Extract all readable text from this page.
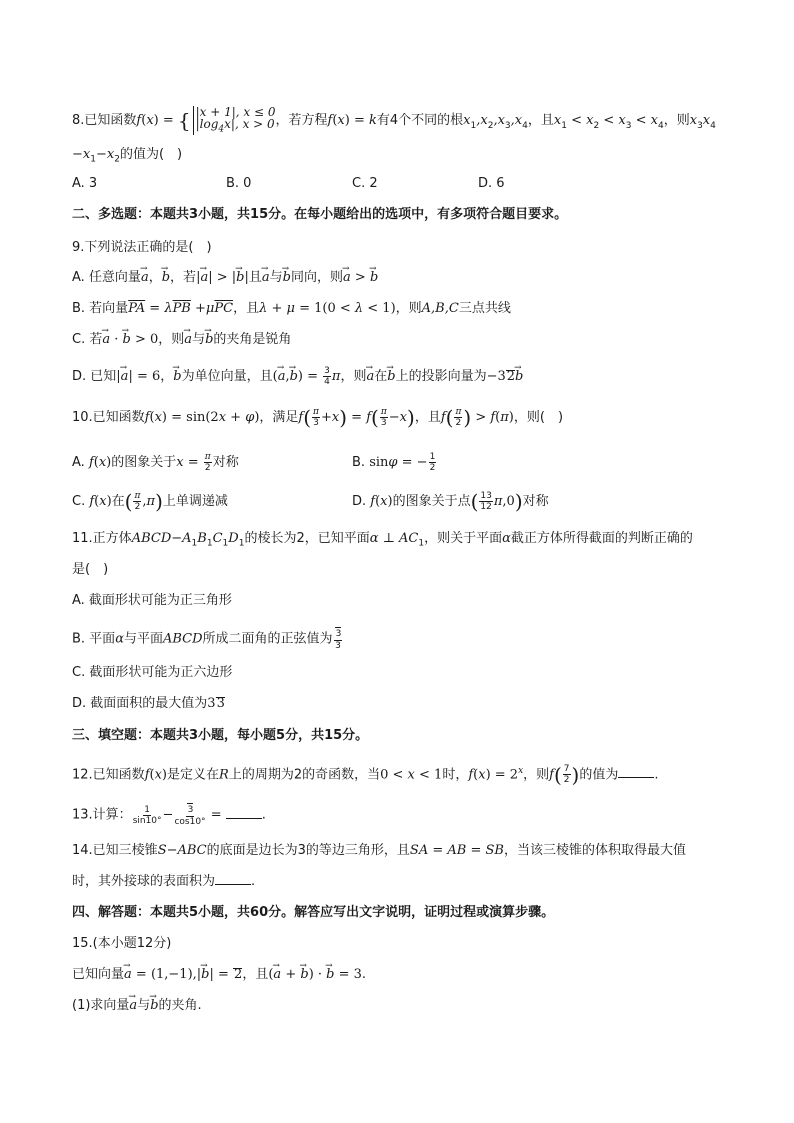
8.已知函数f(x) = { |x + 1|, x ≤ 0
$|\log_4x|$, x > 0 ，若方程f(x) = k有4个不同的根$x_1,x_2,x_3,x_4$，且$x_1 < x_2 < x_3 < x_4$，则$x_3x_4$
$-x_1-x_2$的值为(　)
A. 3	B. 0	C. 2	D. 6
二、多选题：本题共3小题，共15分。在每小题给出的选项中，有多项符合题目要求。
9.下列说法正确的是(　)
A. 任意向量→ a，→ b，若|→ a| > |→ b|且→ a与→ b同向，则→ a > → b
B. 若向量$\overline{PA} = \lambda\overline{PB} +\mu\overline{PC}$，且λ + μ = 1(0 < λ < 1)，则A,B,C三点共线
C. 若→ a · → b > 0，则→ a与→ b的夹角是锐角
D. 已知|→ a| = 6，→ b为单位向量，且(→ $a,\to b) = \frac{3}{4}$ π，则→ a在→ b上的投影向量为−32→ b
10.已知函数f(x) = sin(2x + φ)，满足$f( \frac{\pi}{3} +x) = f( \frac{\pi}{3} -x)$，且$f( \frac{\pi}{2}$ ) > f(π)，则(　)
A. f(x)的图象关于$x = \frac{\pi}{2}$ 对称	B. sinφ = − $\frac{1}{2}$
C. f(x)在( $\frac{\pi}{2} ,\pi$)上单调递减	D. f(x)的图象关于点( $\frac{13}{12} \pi,0$)对称
11.正方体$ABCD-A_1B_1C_1D_1$的棱长为2，已知平面α ⊥ $AC_1$，则关于平面α截正方体所得截面的判断正确的
是(　)
A. 截面形状可能为正三角形
B. 平面α与平面ABCD所成二面角的正弦值为 $\frac{3}{3}$
C. 截面形状可能为正六边形
D. 截面面积的最大值为33
三、填空题：本题共3小题，每小题5分，共15分。
12.已知函数f(x)是定义在R上的周期为2的奇函数，当0 < x < 1时，$f(x) = 2^x$，则$f( \frac{7}{2}$ )的值为	.
13.计算： $\frac{1}{\sin 10^\circ} - \frac{3}{\cos 10^\circ}$ =	.
14.已知三棱锥S−ABC的底面是边长为3的等边三角形，且SA = AB = SB，当该三棱锥的体积取得最大值
时，其外接球的表面积为	.
四、解答题：本题共5小题，共60分。解答应写出文字说明，证明过程或演算步骤。
15.(本小题12分)
已知向量→ a = (1,−1),|→ b| = 2，且(→ a + → b) · → b = 3.
(1)求向量→ a与→ b的夹角.
